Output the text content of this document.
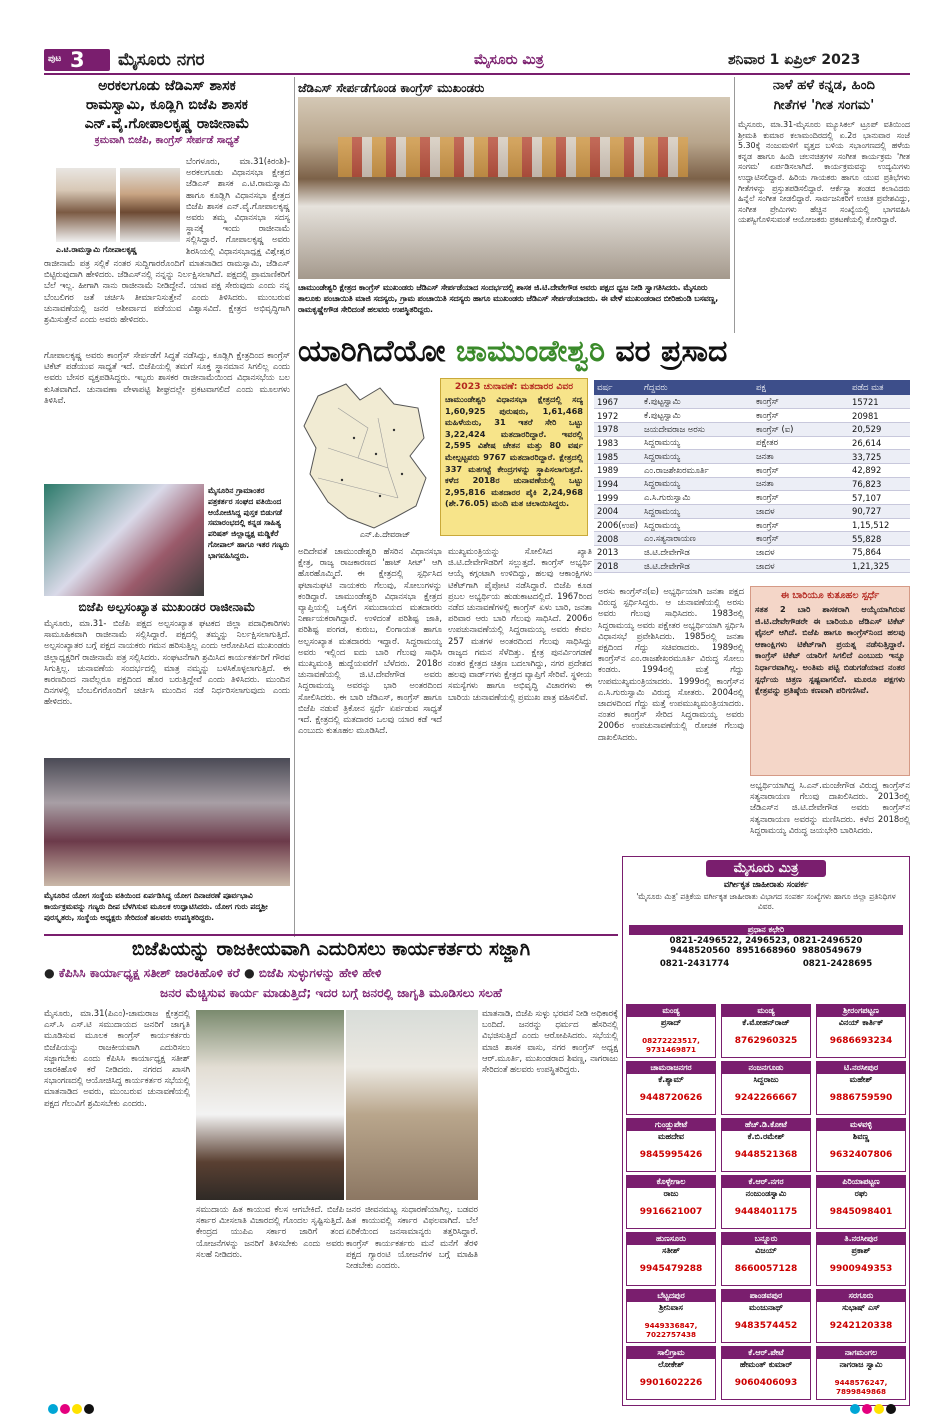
ಪುಟ 3 ಮೈಸೂರು ನಗರ	ಮೈಸೂರು ಮಿತ್ರ	ಶನಿವಾರ 1 ಏಪ್ರಿಲ್ 2023
ಅರಕಲಗೂಡು ಜೆಡಿಎಸ್ ಶಾಸಕ
ರಾಮಸ್ವಾಮಿ, ಕೂಡ್ಲಿಗಿ ಬಿಜೆಪಿ ಶಾಸಕ
ಎನ್.ವೈ.ಗೋಪಾಲಕೃಷ್ಣ ರಾಜೀನಾಮೆ
ಕ್ರಮವಾಗಿ ಬಿಜೆಪಿ, ಕಾಂಗ್ರೆಸ್ ಸೇರ್ಪಡೆ ಸಾಧ್ಯತೆ
ಎ.ಟಿ.ರಾಮಸ್ವಾಮಿ ಗೋಪಾಲಕೃಷ್ಣ
ಬೆಂಗಳೂರು, ಮಾ.31(ಕಿರಂಶಿ)- ಅರಕಲಗೂಡು ವಿಧಾನಸಭಾ ಕ್ಷೇತ್ರದ ಜೆಡಿಎಸ್ ಶಾಸಕ ಎ.ಟಿ.ರಾಮಸ್ವಾಮಿ ಹಾಗೂ ಕೂಡ್ಲಿಗಿ ವಿಧಾನಸಭಾ ಕ್ಷೇತ್ರದ ಬಿಜೆಪಿ ಶಾಸಕ ಎನ್.ವೈ.ಗೋಪಾಲಕೃಷ್ಣ ಅವರು ತಮ್ಮ ವಿಧಾನಸಭಾ ಸದಸ್ಯ ಸ್ಥಾನಕ್ಕೆ ಇಂದು ರಾಜೀನಾಮೆ ಸಲ್ಲಿಸಿದ್ದಾರೆ. ಗೋಪಾಲಕೃಷ್ಣ ಅವರು ಶಿರಸಿಯಲ್ಲಿ ವಿಧಾನಸಭಾಧ್ಯಕ್ಷ ವಿಶ್ವೇಶ್ವರ
ರಾಜೀನಾಮೆ ಪತ್ರ ಸಲ್ಲಿಕೆ ನಂತರ ಸುದ್ದಿಗಾರರೊಂದಿಗೆ ಮಾತನಾಡಿದ ರಾಮಸ್ವಾಮಿ, ಜೆಡಿಎಸ್ ಬಿಟ್ಟಿರುವುದಾಗಿ ಹೇಳಿದರು. ಜೆಡಿಎಸ್‌ನಲ್ಲಿ ನನ್ನನ್ನು ನಿರ್ಲಕ್ಷಿಸಲಾಗಿದೆ. ಪಕ್ಷದಲ್ಲಿ ಪ್ರಾಮಾಣಿಕರಿಗೆ ಬೆಲೆ ಇಲ್ಲ. ಹೀಗಾಗಿ ನಾನು ರಾಜೀನಾಮೆ ನೀಡಿದ್ದೇನೆ. ಯಾವ ಪಕ್ಷ ಸೇರುವುದು ಎಂದು ನನ್ನ ಬೆಂಬಲಿಗರ ಜತೆ ಚರ್ಚಿಸಿ ತೀರ್ಮಾನಿಸುತ್ತೇನೆ ಎಂದು ತಿಳಿಸಿದರು. ಮುಂಬರುವ ಚುನಾವಣೆಯಲ್ಲಿ ಜನರ ಆಶೀರ್ವಾದ ಪಡೆಯುವ ವಿಶ್ವಾಸವಿದೆ. ಕ್ಷೇತ್ರದ ಅಭಿವೃದ್ಧಿಗಾಗಿ ಶ್ರಮಿಸುತ್ತೇನೆ ಎಂದು ಅವರು ಹೇಳಿದರು.
ಗೋಪಾಲಕೃಷ್ಣ ಅವರು ಕಾಂಗ್ರೆಸ್ ಸೇರ್ಪಡೆಗೆ ಸಿದ್ಧತೆ ನಡೆಸಿದ್ದು, ಕೂಡ್ಲಿಗಿ ಕ್ಷೇತ್ರದಿಂದ ಕಾಂಗ್ರೆಸ್ ಟಿಕೆಟ್ ಪಡೆಯುವ ಸಾಧ್ಯತೆ ಇದೆ. ಬಿಜೆಪಿಯಲ್ಲಿ ತಮಗೆ ಸೂಕ್ತ ಸ್ಥಾನಮಾನ ಸಿಗಲಿಲ್ಲ ಎಂದು ಅವರು ಬೇಸರ ವ್ಯಕ್ತಪಡಿಸಿದ್ದರು. ಇಬ್ಬರು ಶಾಸಕರ ರಾಜೀನಾಮೆಯಿಂದ ವಿಧಾನಸಭೆಯ ಬಲ ಕುಸಿತವಾಗಿದೆ. ಚುನಾವಣಾ ವೇಳಾಪಟ್ಟಿ ಶೀಘ್ರದಲ್ಲೇ ಪ್ರಕಟವಾಗಲಿದೆ ಎಂದು ಮೂಲಗಳು ತಿಳಿಸಿವೆ.
ಮೈಸೂರಿನ ಗ್ರಾಮಾಂತರ ಪತ್ರಕರ್ತರ ಸಂಘದ ವತಿಯಿಂದ ಆಯೋಜಿಸಿದ್ದ ಪುಸ್ತಕ ಬಿಡುಗಡೆ ಸಮಾರಂಭದಲ್ಲಿ ಕನ್ನಡ ಸಾಹಿತ್ಯ ಪರಿಷತ್ ಜಿಲ್ಲಾಧ್ಯಕ್ಷ ಮಡ್ಡಿಕೆರೆ ಗೋಪಾಲ್ ಹಾಗೂ ಇತರ ಗಣ್ಯರು ಭಾಗವಹಿಸಿದ್ದರು.
ಬಿಜೆಪಿ ಅಲ್ಪಸಂಖ್ಯಾತ ಮುಖಂಡರ ರಾಜೀನಾಮೆ
ಮೈಸೂರು, ಮಾ.31- ಬಿಜೆಪಿ ಪಕ್ಷದ ಅಲ್ಪಸಂಖ್ಯಾತ ಘಟಕದ ಜಿಲ್ಲಾ ಪದಾಧಿಕಾರಿಗಳು ಸಾಮೂಹಿಕವಾಗಿ ರಾಜೀನಾಮೆ ಸಲ್ಲಿಸಿದ್ದಾರೆ. ಪಕ್ಷದಲ್ಲಿ ತಮ್ಮನ್ನು ನಿರ್ಲಕ್ಷಿಸಲಾಗುತ್ತಿದೆ. ಅಲ್ಪಸಂಖ್ಯಾತರ ಬಗ್ಗೆ ಪಕ್ಷದ ನಾಯಕರು ಗಮನ ಹರಿಸುತ್ತಿಲ್ಲ ಎಂದು ಆರೋಪಿಸಿದ ಮುಖಂಡರು ಜಿಲ್ಲಾಧ್ಯಕ್ಷರಿಗೆ ರಾಜೀನಾಮೆ ಪತ್ರ ಸಲ್ಲಿಸಿದರು. ಸಂಘಟನೆಗಾಗಿ ಶ್ರಮಿಸಿದ ಕಾರ್ಯಕರ್ತರಿಗೆ ಗೌರವ ಸಿಗುತ್ತಿಲ್ಲ. ಚುನಾವಣೆಯ ಸಂದರ್ಭದಲ್ಲಿ ಮಾತ್ರ ನಮ್ಮನ್ನು ಬಳಸಿಕೊಳ್ಳಲಾಗುತ್ತಿದೆ. ಈ ಕಾರಣದಿಂದ ನಾವೆಲ್ಲರೂ ಪಕ್ಷದಿಂದ ಹೊರ ಬರುತ್ತಿದ್ದೇವೆ ಎಂದು ತಿಳಿಸಿದರು. ಮುಂದಿನ ದಿನಗಳಲ್ಲಿ ಬೆಂಬಲಿಗರೊಂದಿಗೆ ಚರ್ಚಿಸಿ ಮುಂದಿನ ನಡೆ ನಿರ್ಧರಿಸಲಾಗುವುದು ಎಂದು ಹೇಳಿದರು.
ಮೈಸೂರಿನ ಯೋಗ ಸಂಸ್ಥೆಯ ವತಿಯಿಂದ ಏರ್ಪಡಿಸಿದ್ದ ಯೋಗ ದಿನಾಚರಣೆ ಪೂರ್ವಭಾವಿ ಕಾರ್ಯಕ್ರಮವನ್ನು ಗಣ್ಯರು ದೀಪ ಬೆಳಗಿಸುವ ಮೂಲಕ ಉದ್ಘಾಟಿಸಿದರು. ಯೋಗ ಗುರು ಪದ್ಮಶ್ರೀ ಪುರಸ್ಕೃತರು, ಸಂಸ್ಥೆಯ ಅಧ್ಯಕ್ಷರು ಸೇರಿದಂತೆ ಹಲವರು ಉಪಸ್ಥಿತರಿದ್ದರು.
ಜೆಡಿಎಸ್ ಸೇರ್ಪಡೆಗೊಂಡ ಕಾಂಗ್ರೆಸ್ ಮುಖಂಡರು
ಚಾಮುಂಡೇಶ್ವರಿ ಕ್ಷೇತ್ರದ ಕಾಂಗ್ರೆಸ್ ಮುಖಂಡರು ಜೆಡಿಎಸ್ ಸೇರ್ಪಡೆಯಾದ ಸಂದರ್ಭದಲ್ಲಿ ಶಾಸಕ ಜಿ.ಟಿ.ದೇವೇಗೌಡ ಅವರು ಪಕ್ಷದ ಧ್ವಜ ನೀಡಿ ಸ್ವಾಗತಿಸಿದರು. ಮೈಸೂರು ತಾಲೂಕು ಪಂಚಾಯಿತಿ ಮಾಜಿ ಸದಸ್ಯರು, ಗ್ರಾಮ ಪಂಚಾಯಿತಿ ಸದಸ್ಯರು ಹಾಗೂ ಮುಖಂಡರು ಜೆಡಿಎಸ್ ಸೇರ್ಪಡೆಯಾದರು. ಈ ವೇಳೆ ಮುಖಂಡರಾದ ಬೀರಿಹುಂಡಿ ಬಸವಣ್ಣ, ರಾಮಕೃಷ್ಣೇಗೌಡ ಸೇರಿದಂತೆ ಹಲವರು ಉಪಸ್ಥಿತರಿದ್ದರು.
ನಾಳೆ ಹಳೆ ಕನ್ನಡ, ಹಿಂದಿ
ಗೀತೆಗಳ 'ಗೀತ ಸಂಗಮ'
ಮೈಸೂರು, ಮಾ.31-ಮೈಸೂರು ಮ್ಯೂಸಿಕಲ್ ಟ್ರೂಪ್ ವತಿಯಿಂದ ಶ್ರೀಮತಿ ಕುಮಾರ ಕಲಾಮಂದಿರದಲ್ಲಿ ಏ.2ರ ಭಾನುವಾರ ಸಂಜೆ 5.30ಕ್ಕೆ ನಂಜುಮಳಿಗೆ ವೃತ್ತದ ಬಳಿಯ ಸಭಾಂಗಣದಲ್ಲಿ ಹಳೆಯ ಕನ್ನಡ ಹಾಗೂ ಹಿಂದಿ ಚಲನಚಿತ್ರಗಳ ಸಂಗೀತ ಕಾರ್ಯಕ್ರಮ 'ಗೀತ ಸಂಗಮ' ಏರ್ಪಡಿಸಲಾಗಿದೆ. ಕಾರ್ಯಕ್ರಮವನ್ನು ಉದ್ಯಮಿಗಳು ಉದ್ಘಾಟಿಸಲಿದ್ದಾರೆ. ಹಿರಿಯ ಗಾಯಕರು ಹಾಗೂ ಯುವ ಪ್ರತಿಭೆಗಳು ಗೀತೆಗಳನ್ನು ಪ್ರಸ್ತುತಪಡಿಸಲಿದ್ದಾರೆ. ಆರ್ಕೆಸ್ಟ್ರಾ ತಂಡದ ಕಲಾವಿದರು ಹಿನ್ನೆಲೆ ಸಂಗೀತ ನೀಡಲಿದ್ದಾರೆ. ಸಾರ್ವಜನಿಕರಿಗೆ ಉಚಿತ ಪ್ರವೇಶವಿದ್ದು, ಸಂಗೀತ ಪ್ರೇಮಿಗಳು ಹೆಚ್ಚಿನ ಸಂಖ್ಯೆಯಲ್ಲಿ ಭಾಗವಹಿಸಿ ಯಶಸ್ವಿಗೊಳಿಸುವಂತೆ ಆಯೋಜಕರು ಪ್ರಕಟಣೆಯಲ್ಲಿ ಕೋರಿದ್ದಾರೆ.
ಯಾರಿಗಿದೆಯೋ ಚಾಮುಂಡೇಶ್ವರಿ ವರ ಪ್ರಸಾದ
ಎನ್.ಪಿ.ದೇವರಾಜ್
2023 ಚುನಾವಣೆ: ಮತದಾರರ ವಿವರ
ಚಾಮುಂಡೇಶ್ವರಿ ವಿಧಾನಸಭಾ ಕ್ಷೇತ್ರದಲ್ಲಿ ಸದ್ಯ 1,60,925 ಪುರುಷರು, 1,61,468 ಮಹಿಳೆಯರು, 31 ಇತರೆ ಸೇರಿ ಒಟ್ಟು 3,22,424 ಮತದಾರರಿದ್ದಾರೆ. ಇವರಲ್ಲಿ 2,595 ವಿಶೇಷ ಚೇತನ ಮತ್ತು 80 ವರ್ಷ ಮೇಲ್ಪಟ್ಟವರು 9767 ಮತದಾರರಿದ್ದಾರೆ. ಕ್ಷೇತ್ರದಲ್ಲಿ 337 ಮತಗಟ್ಟೆ ಕೇಂದ್ರಗಳನ್ನು ಸ್ಥಾಪಿಸಲಾಗುತ್ತದೆ. ಕಳೆದ 2018ರ ಚುನಾವಣೆಯಲ್ಲಿ ಒಟ್ಟು 2,95,816 ಮತದಾರರ ಪೈಕಿ 2,24,968 (ಶೇ.76.05) ಮಂದಿ ಮತ ಚಲಾಯಿಸಿದ್ದರು.
ವರ್ಷ	ಗೆದ್ದವರು	ಪಕ್ಷ	ಪಡೆದ ಮತ
1967	ಕೆ.ಪುಟ್ಟಸ್ವಾಮಿ	ಕಾಂಗ್ರೆಸ್	15721
1972	ಕೆ.ಪುಟ್ಟಸ್ವಾಮಿ	ಕಾಂಗ್ರೆಸ್	20981
1978	ಜಯದೇವರಾಜ ಅರಸು	ಕಾಂಗ್ರೆಸ್ (ಐ)	20,529
1983	ಸಿದ್ದರಾಮಯ್ಯ	ಪಕ್ಷೇತರ	26,614
1985	ಸಿದ್ದರಾಮಯ್ಯ	ಜನತಾ	33,725
1989	ಎಂ.ರಾಜಶೇಖರಮೂರ್ತಿ	ಕಾಂಗ್ರೆಸ್	42,892
1994	ಸಿದ್ದರಾಮಯ್ಯ	ಜನತಾ	76,823
1999	ಎ.ಸಿ.ಗುರುಸ್ವಾಮಿ	ಕಾಂಗ್ರೆಸ್	57,107
2004	ಸಿದ್ದರಾಮಯ್ಯ	ಜಾದಳ	90,727
2006(ಉಪ)	ಸಿದ್ದರಾಮಯ್ಯ	ಕಾಂಗ್ರೆಸ್	1,15,512
2008	ಎಂ.ಸತ್ಯನಾರಾಯಣ	ಕಾಂಗ್ರೆಸ್	55,828
2013	ಜಿ.ಟಿ.ದೇವೇಗೌಡ	ಜಾದಳ	75,864
2018	ಜಿ.ಟಿ.ದೇವೇಗೌಡ	ಜಾದಳ	1,21,325
ಅದಿದೇವತೆ ಚಾಮುಂಡೇಶ್ವರಿ ಹೆಸರಿನ ವಿಧಾನಸಭಾ ಕ್ಷೇತ್ರ, ರಾಜ್ಯ ರಾಜಕಾರಣದ 'ಹಾಟ್ ಸೀಟ್' ಆಗಿ ಹೊರಹೊಮ್ಮಿದೆ. ಈ ಕ್ಷೇತ್ರದಲ್ಲಿ ಸ್ಪರ್ಧಿಸಿದ ಘಟಾನುಘಟಿ ನಾಯಕರು ಗೆಲುವು, ಸೋಲುಗಳನ್ನು ಕಂಡಿದ್ದಾರೆ. ಚಾಮುಂಡೇಶ್ವರಿ ವಿಧಾನಸಭಾ ಕ್ಷೇತ್ರದ ವ್ಯಾಪ್ತಿಯಲ್ಲಿ ಒಕ್ಕಲಿಗ ಸಮುದಾಯದ ಮತದಾರರು ನಿರ್ಣಾಯಕರಾಗಿದ್ದಾರೆ. ಉಳಿದಂತೆ ಪರಿಶಿಷ್ಟ ಜಾತಿ, ಪರಿಶಿಷ್ಟ ಪಂಗಡ, ಕುರುಬ, ಲಿಂಗಾಯತ ಹಾಗೂ ಅಲ್ಪಸಂಖ್ಯಾತ ಮತದಾರರು ಇದ್ದಾರೆ. ಸಿದ್ದರಾಮಯ್ಯ ಅವರು ಇಲ್ಲಿಂದ ಐದು ಬಾರಿ ಗೆಲುವು ಸಾಧಿಸಿ ಮುಖ್ಯಮಂತ್ರಿ ಹುದ್ದೆಯವರೆಗೆ ಬೆಳೆದರು. 2018ರ ಚುನಾವಣೆಯಲ್ಲಿ ಜಿ.ಟಿ.ದೇವೇಗೌಡ ಅವರು ಸಿದ್ದರಾಮಯ್ಯ ಅವರನ್ನು ಭಾರಿ ಅಂತರದಿಂದ ಸೋಲಿಸಿದರು. ಈ ಬಾರಿ ಜೆಡಿಎಸ್, ಕಾಂಗ್ರೆಸ್ ಹಾಗೂ ಬಿಜೆಪಿ ನಡುವೆ ತ್ರಿಕೋನ ಸ್ಪರ್ಧೆ ಏರ್ಪಡುವ ಸಾಧ್ಯತೆ ಇದೆ. ಕ್ಷೇತ್ರದಲ್ಲಿ ಮತದಾರರ ಒಲವು ಯಾರ ಕಡೆ ಇದೆ ಎಂಬುದು ಕುತೂಹಲ ಮೂಡಿಸಿದೆ.
ಮುಖ್ಯಮಂತ್ರಿಯನ್ನು ಸೋಲಿಸಿದ ಖ್ಯಾತಿ ಜಿ.ಟಿ.ದೇವೇಗೌಡರಿಗೆ ಸಲ್ಲುತ್ತದೆ. ಕಾಂಗ್ರೆಸ್ ಅಭ್ಯರ್ಥಿ ಆಯ್ಕೆ ಕಗ್ಗಂಟಾಗಿ ಉಳಿದಿದ್ದು, ಹಲವು ಆಕಾಂಕ್ಷಿಗಳು ಟಿಕೆಟ್‌ಗಾಗಿ ಪೈಪೋಟಿ ನಡೆಸಿದ್ದಾರೆ. ಬಿಜೆಪಿ ಕೂಡ ಪ್ರಬಲ ಅಭ್ಯರ್ಥಿಯ ಹುಡುಕಾಟದಲ್ಲಿದೆ. 1967ರಿಂದ ನಡೆದ ಚುನಾವಣೆಗಳಲ್ಲಿ ಕಾಂಗ್ರೆಸ್ ಏಳು ಬಾರಿ, ಜನತಾ ಪರಿವಾರ ಆರು ಬಾರಿ ಗೆಲುವು ಸಾಧಿಸಿದೆ. 2006ರ ಉಪಚುನಾವಣೆಯಲ್ಲಿ ಸಿದ್ದರಾಮಯ್ಯ ಅವರು ಕೇವಲ 257 ಮತಗಳ ಅಂತರದಿಂದ ಗೆಲುವು ಸಾಧಿಸಿದ್ದು ರಾಜ್ಯದ ಗಮನ ಸೆಳೆದಿತ್ತು. ಕ್ಷೇತ್ರ ಪುನರ್ವಿಂಗಡಣೆ ನಂತರ ಕ್ಷೇತ್ರದ ಚಿತ್ರಣ ಬದಲಾಗಿದ್ದು, ನಗರ ಪ್ರದೇಶದ ಹಲವು ವಾರ್ಡ್‌ಗಳು ಕ್ಷೇತ್ರದ ವ್ಯಾಪ್ತಿಗೆ ಸೇರಿವೆ. ಸ್ಥಳೀಯ ಸಮಸ್ಯೆಗಳು ಹಾಗೂ ಅಭಿವೃದ್ಧಿ ವಿಚಾರಗಳು ಈ ಬಾರಿಯ ಚುನಾವಣೆಯಲ್ಲಿ ಪ್ರಮುಖ ಪಾತ್ರ ವಹಿಸಲಿವೆ.
ಅರಸು ಕಾಂಗ್ರೆಸ್‌ನ(ಐ) ಅಭ್ಯರ್ಥಿಯಾಗಿ ಜನತಾ ಪಕ್ಷದ ವಿರುದ್ಧ ಸ್ಪರ್ಧಿಸಿದ್ದರು. ಆ ಚುನಾವಣೆಯಲ್ಲಿ ಅರಸು ಅವರು ಗೆಲುವು ಸಾಧಿಸಿದರು. 1983ರಲ್ಲಿ ಸಿದ್ದರಾಮಯ್ಯ ಅವರು ಪಕ್ಷೇತರ ಅಭ್ಯರ್ಥಿಯಾಗಿ ಸ್ಪರ್ಧಿಸಿ ವಿಧಾನಸಭೆ ಪ್ರವೇಶಿಸಿದರು. 1985ರಲ್ಲಿ ಜನತಾ ಪಕ್ಷದಿಂದ ಗೆದ್ದು ಸಚಿವರಾದರು. 1989ರಲ್ಲಿ ಕಾಂಗ್ರೆಸ್‌ನ ಎಂ.ರಾಜಶೇಖರಮೂರ್ತಿ ವಿರುದ್ಧ ಸೋಲು ಕಂಡರು. 1994ರಲ್ಲಿ ಮತ್ತೆ ಗೆದ್ದು ಉಪಮುಖ್ಯಮಂತ್ರಿಯಾದರು. 1999ರಲ್ಲಿ ಕಾಂಗ್ರೆಸ್‌ನ ಎ.ಸಿ.ಗುರುಸ್ವಾಮಿ ವಿರುದ್ಧ ಸೋತರು. 2004ರಲ್ಲಿ ಜಾದಳದಿಂದ ಗೆದ್ದು ಮತ್ತೆ ಉಪಮುಖ್ಯಮಂತ್ರಿಯಾದರು. ನಂತರ ಕಾಂಗ್ರೆಸ್ ಸೇರಿದ ಸಿದ್ದರಾಮಯ್ಯ ಅವರು 2006ರ ಉಪಚುನಾವಣೆಯಲ್ಲಿ ರೋಚಕ ಗೆಲುವು ದಾಖಲಿಸಿದರು.
ಈ ಬಾರಿಯೂ ಕುತೂಹಲ ಸ್ಪರ್ಧೆ
ಸತತ 2 ಬಾರಿ ಶಾಸಕರಾಗಿ ಆಯ್ಕೆಯಾಗಿರುವ ಜಿ.ಟಿ.ದೇವೇಗೌಡರೇ ಈ ಬಾರಿಯೂ ಜೆಡಿಎಸ್ ಟಿಕೆಟ್ ಫೈನಲ್ ಆಗಿದೆ. ಬಿಜೆಪಿ ಹಾಗೂ ಕಾಂಗ್ರೆಸ್‌ನಿಂದ ಹಲವು ಆಕಾಂಕ್ಷಿಗಳು ಟಿಕೆಟ್‌ಗಾಗಿ ಪ್ರಯತ್ನ ನಡೆಸುತ್ತಿದ್ದಾರೆ. ಕಾಂಗ್ರೆಸ್ ಟಿಕೆಟ್ ಯಾರಿಗೆ ಸಿಗಲಿದೆ ಎಂಬುದು ಇನ್ನೂ ನಿರ್ಧಾರವಾಗಿಲ್ಲ. ಅಂತಿಮ ಪಟ್ಟಿ ಬಿಡುಗಡೆಯಾದ ನಂತರ ಸ್ಪರ್ಧೆಯ ಚಿತ್ರಣ ಸ್ಪಷ್ಟವಾಗಲಿದೆ. ಮೂರೂ ಪಕ್ಷಗಳು ಕ್ಷೇತ್ರವನ್ನು ಪ್ರತಿಷ್ಠೆಯ ಕಣವಾಗಿ ಪರಿಗಣಿಸಿವೆ.
ಅಭ್ಯರ್ಥಿಯಾಗಿದ್ದ ಸಿ.ಎನ್.ಮಂಜೇಗೌಡ ವಿರುದ್ಧ ಕಾಂಗ್ರೆಸ್‌ನ ಸತ್ಯನಾರಾಯಣ ಗೆಲುವು ದಾಖಲಿಸಿದರು. 2013ರಲ್ಲಿ ಜೆಡಿಎಸ್‌ನ ಜಿ.ಟಿ.ದೇವೇಗೌಡ ಅವರು ಕಾಂಗ್ರೆಸ್‌ನ ಸತ್ಯನಾರಾಯಣ ಅವರನ್ನು ಮಣಿಸಿದರು. ಕಳೆದ 2018ರಲ್ಲಿ ಸಿದ್ದರಾಮಯ್ಯ ವಿರುದ್ಧ ಜಯಭೇರಿ ಬಾರಿಸಿದರು.
ಮೈಸೂರು ಮಿತ್ರ
ವರ್ಗೀಕೃತ ಜಾಹೀರಾತು ಸಂಪರ್ಕ
'ಮೈಸೂರು ಮಿತ್ರ' ಪತ್ರಿಕೆಯ ವರ್ಗೀಕೃತ ಜಾಹೀರಾತು ವಿಭಾಗದ ಸಂಪರ್ಕ ಸಂಖ್ಯೆಗಳು ಹಾಗೂ ಜಿಲ್ಲಾ ಪ್ರತಿನಿಧಿಗಳ ವಿವರ.
ಪ್ರಧಾನ ಕಛೇರಿ
0821-2496522, 2496523, 0821-2496520
9448520560 8951668960 9880549679
0821-2431774	0821-2428695
ಮಂಡ್ಯ
ಪ್ರಸಾದ್
08272223517, 9731469871
ಮಂಡ್ಯ
ಕೆ.ಮೋಹನ್‌ರಾಜ್
8762960325
ಶ್ರೀರಂಗಪಟ್ಟಣ
ವಿನಯ್ ಕಾರ್ತಿಕ್
9686693234
ಚಾಮರಾಜನಗರ
ಕೆ.ಶ್ಯಾಮ್
9448720626
ನಂಜನಗೂಡು
ಸಿದ್ದರಾಜು
9242266667
ಟಿ.ನರಸೀಪುರ
ಮಹೇಶ್
9886759590
ಗುಂಡ್ಲುಪೇಟೆ
ಮಹದೇವ
9845995426
ಹೆಚ್.ಡಿ.ಕೋಟೆ
ಕೆ.ಬಿ.ರಮೇಶ್
9448521368
ಮಳವಳ್ಳಿ
ಶಿವಣ್ಣ
9632407806
ಕೊಳ್ಳೇಗಾಲ
ರಾಜು
9916621007
ಕೆ.ಆರ್.ನಗರ
ನಂಜುಂಡಸ್ವಾಮಿ
9448401175
ಪಿರಿಯಾಪಟ್ಟಣ
ರಘು
9845098401
ಹುಣಸೂರು
ಸತೀಶ್
9945479288
ಬನ್ನೂರು
ವಿಜಯ್
8660057128
ತಿ.ನರಸೀಪುರ
ಪ್ರಕಾಶ್
9900949353
ಬೆಟ್ಟದಪುರ
ಶ್ರೀನಿವಾಸ
9449336847, 7022757438
ಪಾಂಡವಪುರ
ಮಂಜುನಾಥ್
9483574452
ಸರಗೂರು
ಸುಭಾಷ್ ಎಸ್
9242120338
ಸಾಲಿಗ್ರಾಮ
ಲೋಕೇಶ್
9901602226
ಕೆ.ಆರ್.ಪೇಟೆ
ಹೇಮಂತ್ ಕುಮಾರ್
9060406093
ನಾಗಮಂಗಲ
ನಾಗರಾಜ ಸ್ವಾಮಿ
9448576247, 7899849868
ಬಿಜೆಪಿಯನ್ನು ರಾಜಕೀಯವಾಗಿ ಎದುರಿಸಲು ಕಾರ್ಯಕರ್ತರು ಸಜ್ಜಾಗಿ
● ಕೆಪಿಸಿಸಿ ಕಾರ್ಯಾಧ್ಯಕ್ಷ ಸತೀಶ್ ಜಾರಕಿಹೊಳಿ ಕರೆ ● ಬಿಜೆಪಿ ಸುಳ್ಳುಗಳನ್ನು ಹೇಳಿ ಹೇಳಿ
ಜನರ ಮೆಚ್ಚಿಸುವ ಕಾರ್ಯ ಮಾಡುತ್ತಿದೆ; ಇದರ ಬಗ್ಗೆ ಜನರಲ್ಲಿ ಜಾಗೃತಿ ಮೂಡಿಸಲು ಸಲಹೆ
ಮೈಸೂರು, ಮಾ.31(ಪಿಎಂ)-ಚಾಮರಾಜ ಕ್ಷೇತ್ರದಲ್ಲಿ ಎಸ್.ಸಿ ಎಸ್.ಟಿ ಸಮುದಾಯದ ಜನರಿಗೆ ಜಾಗೃತಿ ಮೂಡಿಸುವ ಮೂಲಕ ಕಾಂಗ್ರೆಸ್ ಕಾರ್ಯಕರ್ತರು ಬಿಜೆಪಿಯನ್ನು ರಾಜಕೀಯವಾಗಿ ಎದುರಿಸಲು ಸಜ್ಜಾಗಬೇಕು ಎಂದು ಕೆಪಿಸಿಸಿ ಕಾರ್ಯಾಧ್ಯಕ್ಷ ಸತೀಶ್ ಜಾರಕಿಹೊಳಿ ಕರೆ ನೀಡಿದರು. ನಗರದ ಖಾಸಗಿ ಸಭಾಂಗಣದಲ್ಲಿ ಆಯೋಜಿಸಿದ್ದ ಕಾರ್ಯಕರ್ತರ ಸಭೆಯಲ್ಲಿ ಮಾತನಾಡಿದ ಅವರು, ಮುಂಬರುವ ಚುನಾವಣೆಯಲ್ಲಿ ಪಕ್ಷದ ಗೆಲುವಿಗೆ ಶ್ರಮಿಸಬೇಕು ಎಂದರು.
ಸಮುದಾಯ ಹಿತ ಕಾಯುವ ಕೆಲಸ ಆಗಬೇಕಿದೆ. ಬಿಜೆಪಿ ಸರ್ಕಾರ ಮೀಸಲಾತಿ ವಿಚಾರದಲ್ಲಿ ಗೊಂದಲ ಸೃಷ್ಟಿಸುತ್ತಿದೆ. ಕೇಂದ್ರದ ಯುಪಿಎ ಸರ್ಕಾರ ಜಾರಿಗೆ ತಂದ ಯೋಜನೆಗಳನ್ನು ಜನರಿಗೆ ತಿಳಿಸಬೇಕು ಎಂದು ಅವರು ಸಲಹೆ ನೀಡಿದರು.
ಜನರ ಜೀವನಮಟ್ಟ ಸುಧಾರಣೆಯಾಗಿಲ್ಲ. ಬಡವರ ಹಿತ ಕಾಯುವಲ್ಲಿ ಸರ್ಕಾರ ವಿಫಲವಾಗಿದೆ. ಬೆಲೆ ಏರಿಕೆಯಿಂದ ಜನಸಾಮಾನ್ಯರು ತತ್ತರಿಸಿದ್ದಾರೆ. ಕಾಂಗ್ರೆಸ್ ಕಾರ್ಯಕರ್ತರು ಮನೆ ಮನೆಗೆ ತೆರಳಿ ಪಕ್ಷದ ಗ್ಯಾರಂಟಿ ಯೋಜನೆಗಳ ಬಗ್ಗೆ ಮಾಹಿತಿ ನೀಡಬೇಕು ಎಂದರು.
ಮಾತನಾಡಿ, ಬಿಜೆಪಿ ಸುಳ್ಳು ಭರವಸೆ ನೀಡಿ ಅಧಿಕಾರಕ್ಕೆ ಬಂದಿದೆ. ಜನರನ್ನು ಧರ್ಮದ ಹೆಸರಿನಲ್ಲಿ ವಿಭಜಿಸುತ್ತಿದೆ ಎಂದು ಆರೋಪಿಸಿದರು. ಸಭೆಯಲ್ಲಿ ಮಾಜಿ ಶಾಸಕ ವಾಸು, ನಗರ ಕಾಂಗ್ರೆಸ್ ಅಧ್ಯಕ್ಷ ಆರ್.ಮೂರ್ತಿ, ಮುಖಂಡರಾದ ಶಿವಣ್ಣ, ನಾಗರಾಜು ಸೇರಿದಂತೆ ಹಲವರು ಉಪಸ್ಥಿತರಿದ್ದರು.
